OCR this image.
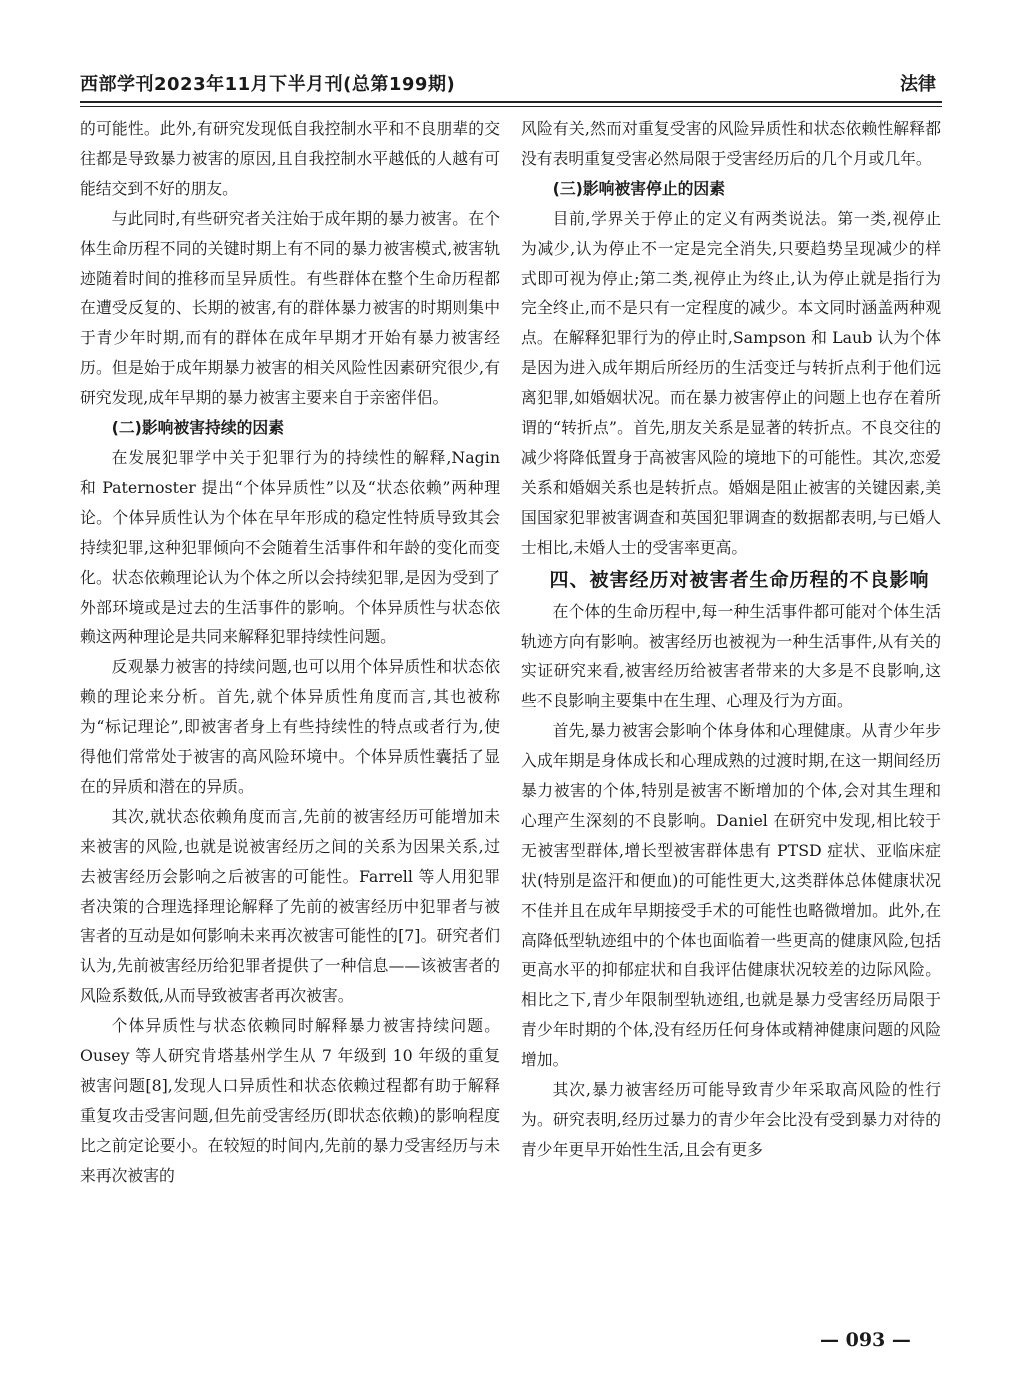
西部学刊2023年11月下半月刊(总第199期)	法律

的可能性。此外,有研究发现低自我控制水平和不良朋辈的交往都是导致暴力被害的原因,且自我控制水平越低的人越有可能结交到不好的朋友。

与此同时,有些研究者关注始于成年期的暴力被害。在个体生命历程不同的关键时期上有不同的暴力被害模式,被害轨迹随着时间的推移而呈异质性。有些群体在整个生命历程都在遭受反复的、长期的被害,有的群体暴力被害的时期则集中于青少年时期,而有的群体在成年早期才开始有暴力被害经历。但是始于成年期暴力被害的相关风险性因素研究很少,有研究发现,成年早期的暴力被害主要来自于亲密伴侣。

(二)影响被害持续的因素

在发展犯罪学中关于犯罪行为的持续性的解释,Nagin 和 Paternoster 提出“个体异质性”以及“状态依赖”两种理论。个体异质性认为个体在早年形成的稳定性特质导致其会持续犯罪,这种犯罪倾向不会随着生活事件和年龄的变化而变化。状态依赖理论认为个体之所以会持续犯罪,是因为受到了外部环境或是过去的生活事件的影响。个体异质性与状态依赖这两种理论是共同来解释犯罪持续性问题。

反观暴力被害的持续问题,也可以用个体异质性和状态依赖的理论来分析。首先,就个体异质性角度而言,其也被称为“标记理论”,即被害者身上有些持续性的特点或者行为,使得他们常常处于被害的高风险环境中。个体异质性囊括了显在的异质和潜在的异质。

其次,就状态依赖角度而言,先前的被害经历可能增加未来被害的风险,也就是说被害经历之间的关系为因果关系,过去被害经历会影响之后被害的可能性。Farrell 等人用犯罪者决策的合理选择理论解释了先前的被害经历中犯罪者与被害者的互动是如何影响未来再次被害可能性的[7]。研究者们认为,先前被害经历给犯罪者提供了一种信息——该被害者的风险系数低,从而导致被害者再次被害。

个体异质性与状态依赖同时解释暴力被害持续问题。Ousey 等人研究肯塔基州学生从 7 年级到 10 年级的重复被害问题[8],发现人口异质性和状态依赖过程都有助于解释重复攻击受害问题,但先前受害经历(即状态依赖)的影响程度比之前定论要小。在较短的时间内,先前的暴力受害经历与未来再次被害的

风险有关,然而对重复受害的风险异质性和状态依赖性解释都没有表明重复受害必然局限于受害经历后的几个月或几年。

(三)影响被害停止的因素

目前,学界关于停止的定义有两类说法。第一类,视停止为减少,认为停止不一定是完全消失,只要趋势呈现减少的样式即可视为停止;第二类,视停止为终止,认为停止就是指行为完全终止,而不是只有一定程度的减少。本文同时涵盖两种观点。在解释犯罪行为的停止时,Sampson 和 Laub 认为个体是因为进入成年期后所经历的生活变迁与转折点利于他们远离犯罪,如婚姻状况。而在暴力被害停止的问题上也存在着所谓的“转折点”。首先,朋友关系是显著的转折点。不良交往的减少将降低置身于高被害风险的境地下的可能性。其次,恋爱关系和婚姻关系也是转折点。婚姻是阻止被害的关键因素,美国国家犯罪被害调查和英国犯罪调查的数据都表明,与已婚人士相比,未婚人士的受害率更高。

四、被害经历对被害者生命历程的不良影响

在个体的生命历程中,每一种生活事件都可能对个体生活轨迹方向有影响。被害经历也被视为一种生活事件,从有关的实证研究来看,被害经历给被害者带来的大多是不良影响,这些不良影响主要集中在生理、心理及行为方面。

首先,暴力被害会影响个体身体和心理健康。从青少年步入成年期是身体成长和心理成熟的过渡时期,在这一期间经历暴力被害的个体,特别是被害不断增加的个体,会对其生理和心理产生深刻的不良影响。Daniel 在研究中发现,相比较于无被害型群体,增长型被害群体患有 PTSD 症状、亚临床症状(特别是盗汗和便血)的可能性更大,这类群体总体健康状况不佳并且在成年早期接受手术的可能性也略微增加。此外,在高降低型轨迹组中的个体也面临着一些更高的健康风险,包括更高水平的抑郁症状和自我评估健康状况较差的边际风险。相比之下,青少年限制型轨迹组,也就是暴力受害经历局限于青少年时期的个体,没有经历任何身体或精神健康问题的风险增加。

其次,暴力被害经历可能导致青少年采取高风险的性行为。研究表明,经历过暴力的青少年会比没有受到暴力对待的青少年更早开始性生活,且会有更多

— 093 —
